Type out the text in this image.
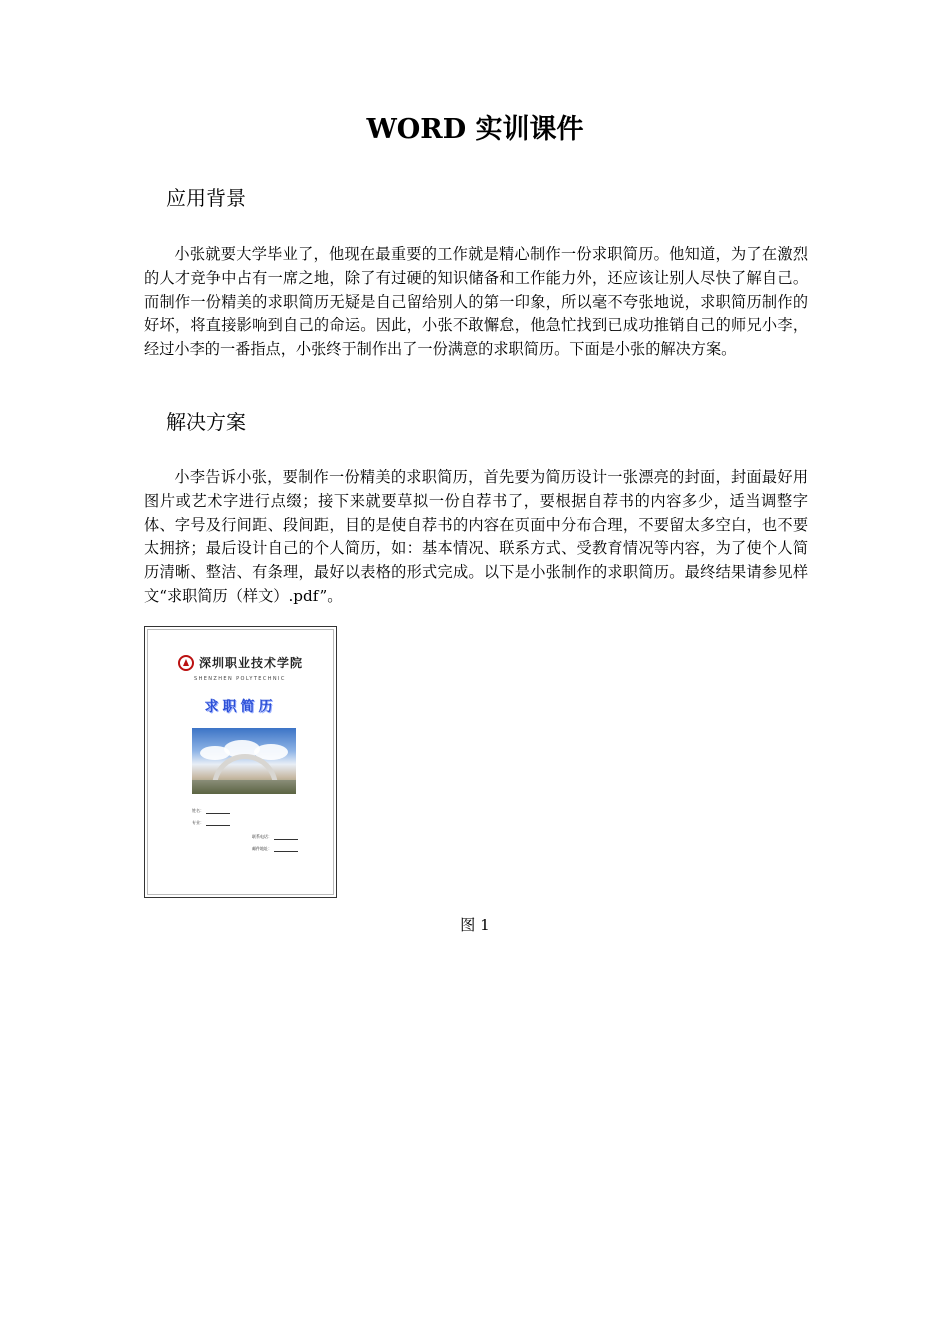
WORD 实训课件
应用背景

小张就要大学毕业了，他现在最重要的工作就是精心制作一份求职简历。他知道，为了在激烈的人才竞争中占有一席之地，除了有过硬的知识储备和工作能力外，还应该让别人尽快了解自己。而制作一份精美的求职简历无疑是自己留给别人的第一印象，所以毫不夸张地说，求职简历制作的好坏，将直接影响到自己的命运。因此，小张不敢懈怠，他急忙找到已成功推销自己的师兄小李，经过小李的一番指点，小张终于制作出了一份满意的求职简历。下面是小张的解决方案。

解决方案

小李告诉小张，要制作一份精美的求职简历，首先要为简历设计一张漂亮的封面，封面最好用图片或艺术字进行点缀；接下来就要草拟一份自荐书了，要根据自荐书的内容多少，适当调整字体、字号及行间距、段间距，目的是使自荐书的内容在页面中分布合理，不要留太多空白，也不要太拥挤；最后设计自己的个人简历，如：基本情况、联系方式、受教育情况等内容，为了使个人简历清晰、整洁、有条理，最好以表格的形式完成。以下是小张制作的求职简历。最终结果请参见样文“求职简历（样文）.pdf”。

深圳职业技术学院
SHENZHEN POLYTECHNIC
求职简历
姓名：
专业：
联系电话：
邮件地址：

图 1
